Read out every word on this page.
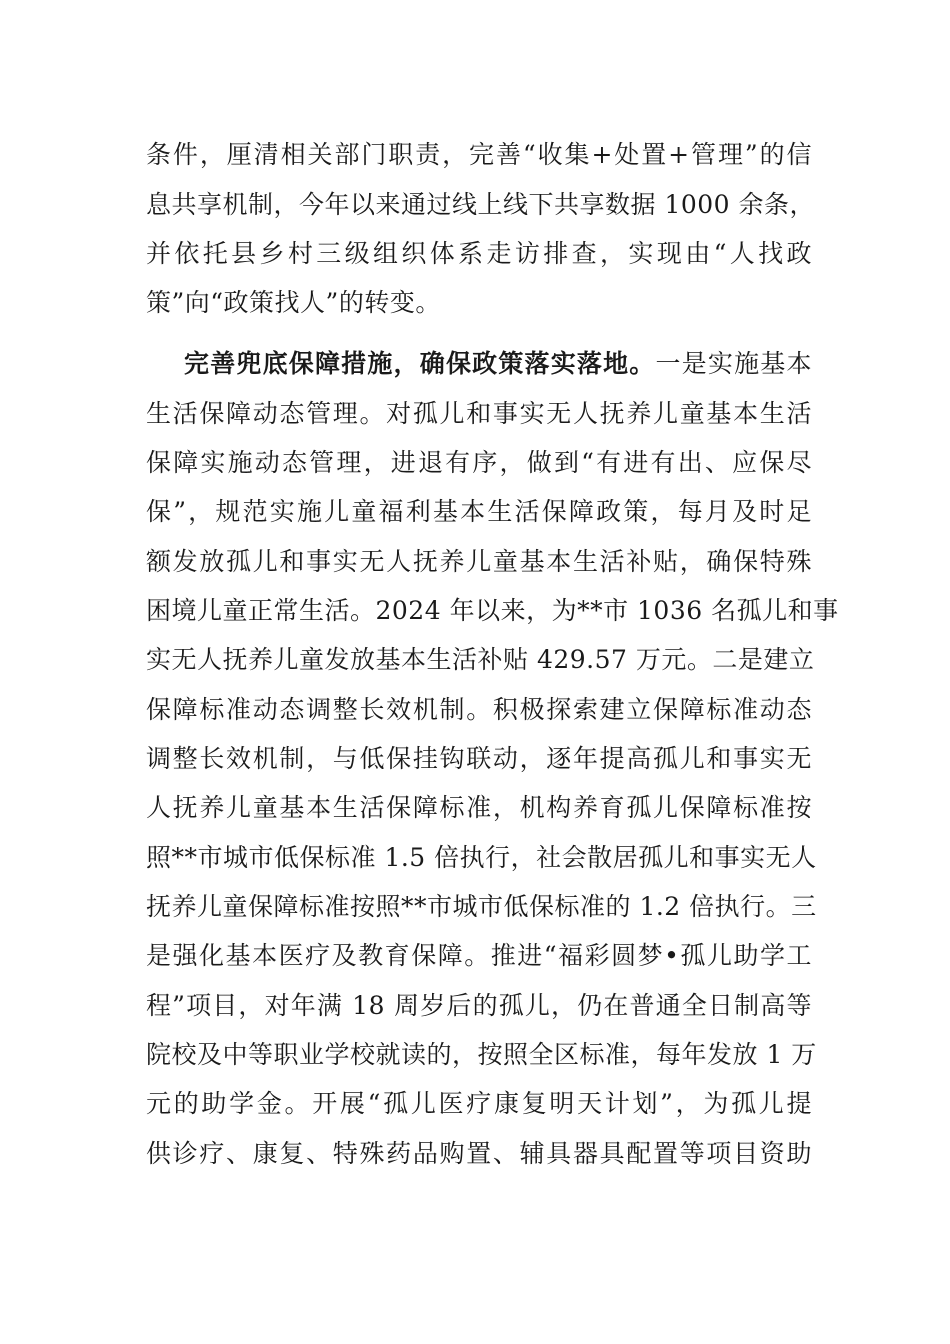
条件，厘清相关部门职责，完善“收集+处置+管理”的信
息共享机制，今年以来通过线上线下共享数据 1000 余条，
并依托县乡村三级组织体系走访排查，实现由“人找政
策”向“政策找人”的转变。
完善兜底保障措施，确保政策落实落地。一是实施基本
生活保障动态管理。对孤儿和事实无人抚养儿童基本生活
保障实施动态管理，进退有序，做到“有进有出、应保尽
保”，规范实施儿童福利基本生活保障政策，每月及时足
额发放孤儿和事实无人抚养儿童基本生活补贴，确保特殊
困境儿童正常生活。2024 年以来，为**市 1036 名孤儿和事
实无人抚养儿童发放基本生活补贴 429.57 万元。二是建立
保障标准动态调整长效机制。积极探索建立保障标准动态
调整长效机制，与低保挂钩联动，逐年提高孤儿和事实无
人抚养儿童基本生活保障标准，机构养育孤儿保障标准按
照**市城市低保标准 1.5 倍执行，社会散居孤儿和事实无人
抚养儿童保障标准按照**市城市低保标准的 1.2 倍执行。三
是强化基本医疗及教育保障。推进“福彩圆梦•孤儿助学工
程”项目，对年满 18 周岁后的孤儿，仍在普通全日制高等
院校及中等职业学校就读的，按照全区标准，每年发放 1 万
元的助学金。开展“孤儿医疗康复明天计划”，为孤儿提
供诊疗、康复、特殊药品购置、辅具器具配置等项目资助
